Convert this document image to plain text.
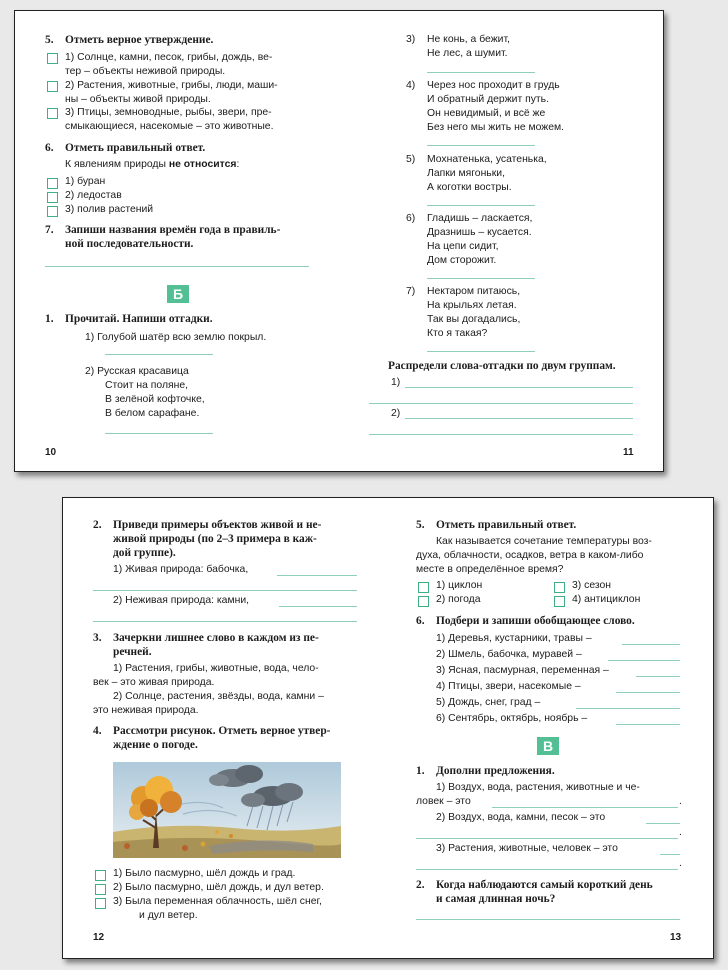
5. Отметь верное утверждение.
1) Солнце, камни, песок, грибы, дождь, ве-
тер – объекты неживой природы.
2) Растения, животные, грибы, люди, маши-
ны – объекты живой природы.
3) Птицы, земноводные, рыбы, звери, пре-
смыкающиеся, насекомые – это животные.
6. Отметь правильный ответ.
К явлениям природы не относится:
1) буран
2) ледостав
3) полив растений
7. Запиши названия времён года в правиль-
ной последовательности.
Б
1. Прочитай. Напиши отгадки.
1) Голубой шатёр всю землю покрыл.
2) Русская красавица
Стоит на поляне,
В зелёной кофточке,
В белом сарафане.
10
3) Не конь, а бежит,
Не лес, а шумит.
4) Через нос проходит в грудь
И обратный держит путь.
Он невидимый, и всё же
Без него мы жить не можем.
5) Мохнатенька, усатенька,
Лапки мягоньки,
А коготки востры.
6) Гладишь – ласкается,
Дразнишь – кусается.
На цепи сидит,
Дом сторожит.
7) Нектаром питаюсь,
На крыльях летая.
Так вы догадались,
Кто я такая?
Распредели слова-отгадки по двум группам.
1)
2)
11
2. Приведи примеры объектов живой и не-
живой природы (по 2–3 примера в каж-
дой группе).
1) Живая природа: бабочка,
2) Неживая природа: камни,
3. Зачеркни лишнее слово в каждом из пе-
речней.
1) Растения, грибы, животные, вода, чело-
век – это живая природа.
2) Солнце, растения, звёзды, вода, камни –
это неживая природа.
4. Рассмотри рисунок. Отметь верное утвер-
ждение о погоде.
1) Было пасмурно, шёл дождь и град.
2) Было пасмурно, шёл дождь, и дул ветер.
3) Была переменная облачность, шёл снег,
и дул ветер.
12
5. Отметь правильный ответ.
Как называется сочетание температуры воз-
духа, облачности, осадков, ветра в каком-либо
месте в определённое время?
1) циклон
2) погода
3) сезон
4) антициклон
6. Подбери и запиши обобщающее слово.
1) Деревья, кустарники, травы –
2) Шмель, бабочка, муравей –
3) Ясная, пасмурная, переменная –
4) Птицы, звери, насекомые –
5) Дождь, снег, град –
6) Сентябрь, октябрь, ноябрь –
В
1. Дополни предложения.
1) Воздух, вода, растения, животные и че-
ловек – это	.
2) Воздух, вода, камни, песок – это
.
3) Растения, животные, человек – это
.
2. Когда наблюдаются самый короткий день
и самая длинная ночь?
13
